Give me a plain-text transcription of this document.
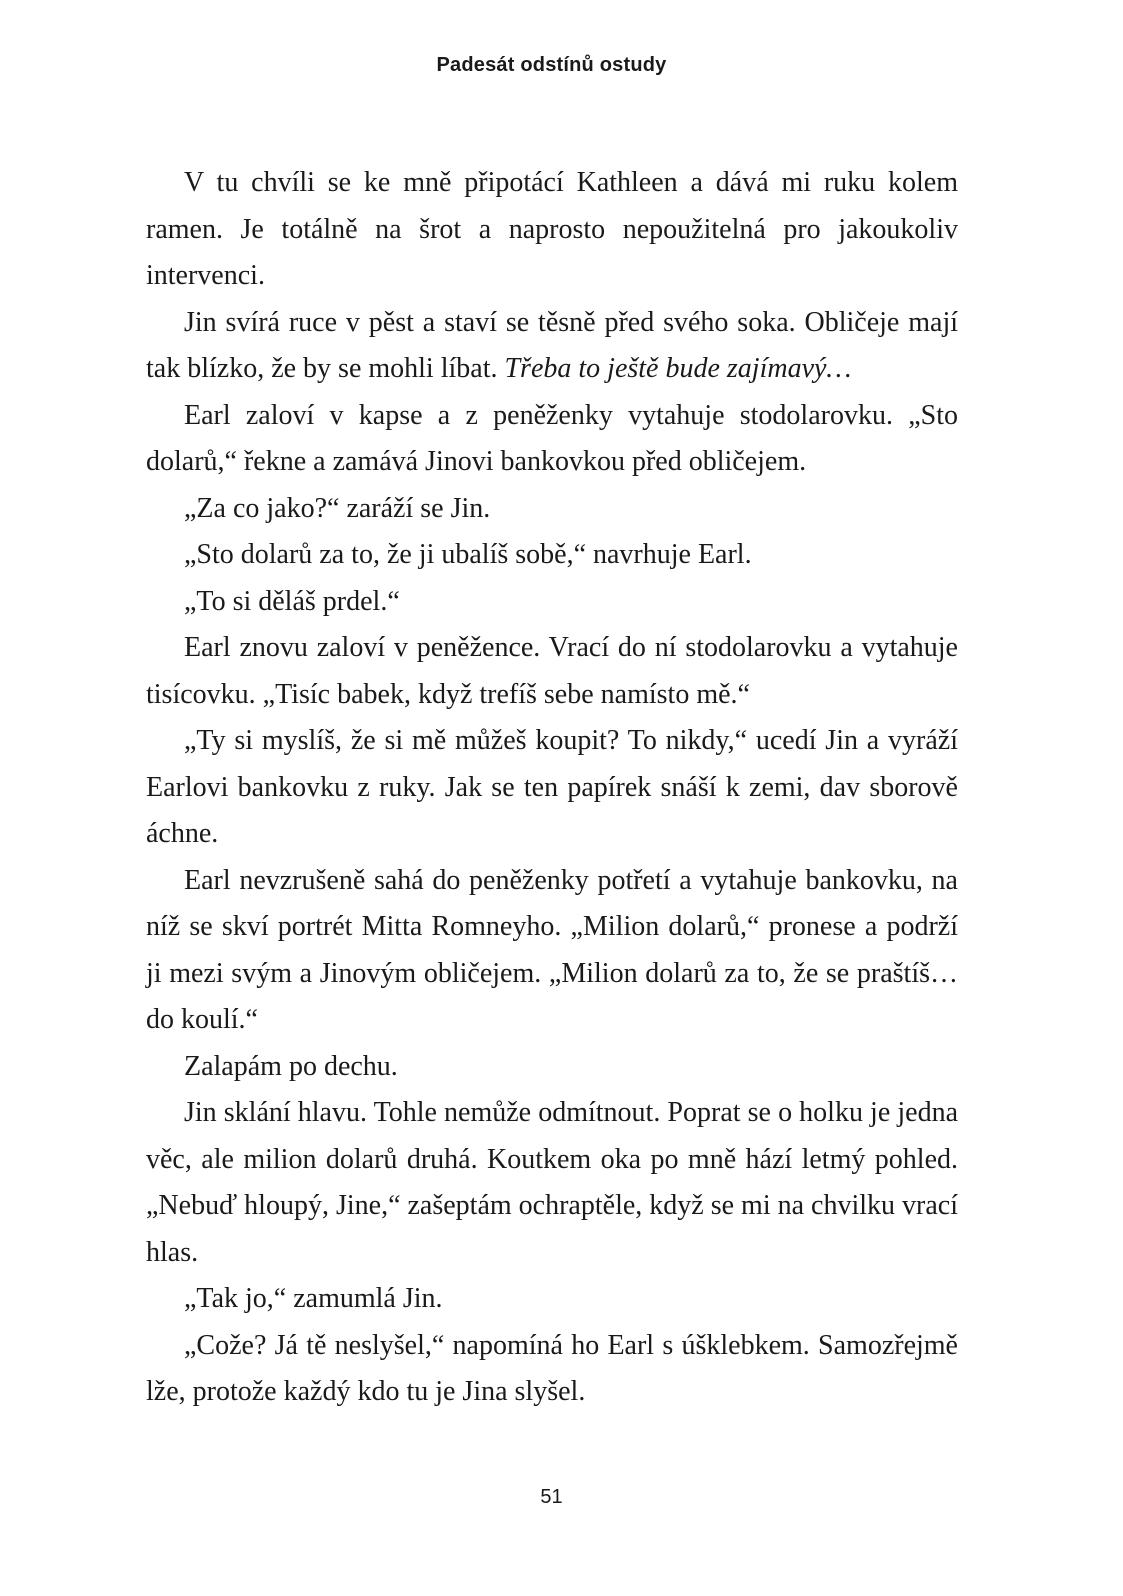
Padesát odstínů ostudy

V tu chvíli se ke mně připotácí Kathleen a dává mi ruku kolem ramen. Je totálně na šrot a naprosto nepoužitelná pro jakoukoliv intervenci.

Jin svírá ruce v pěst a staví se těsně před svého soka. Obličeje mají tak blízko, že by se mohli líbat. Třeba to ještě bude zajímavý…

Earl zaloví v kapse a z peněženky vytahuje stodolarovku. „Sto dolarů,“ řekne a zamává Jinovi bankovkou před obličejem.

„Za co jako?“ zaráží se Jin.

„Sto dolarů za to, že ji ubalíš sobě,“ navrhuje Earl.

„To si děláš prdel.“

Earl znovu zaloví v peněžence. Vrací do ní stodolarovku a vytahuje tisícovku. „Tisíc babek, když trefíš sebe namísto mě.“

„Ty si myslíš, že si mě můžeš koupit? To nikdy,“ ucedí Jin a vyráží Earlovi bankovku z ruky. Jak se ten papírek snáší k zemi, dav sborově áchne.

Earl nevzrušeně sahá do peněženky potřetí a vytahuje bankovku, na níž se skví portrét Mitta Romneyho. „Milion dolarů,“ pronese a podrží ji mezi svým a Jinovým obličejem. „Milion dolarů za to, že se praštíš… do koulí.“

Zalapám po dechu.

Jin sklání hlavu. Tohle nemůže odmítnout. Poprat se o holku je jedna věc, ale milion dolarů druhá. Koutkem oka po mně hází letmý pohled. „Nebuď hloupý, Jine,“ zašeptám ochraptěle, když se mi na chvilku vrací hlas.

„Tak jo,“ zamumlá Jin.

„Cože? Já tě neslyšel,“ napomíná ho Earl s úšklebkem. Samozřejmě lže, protože každý kdo tu je Jina slyšel.

51
